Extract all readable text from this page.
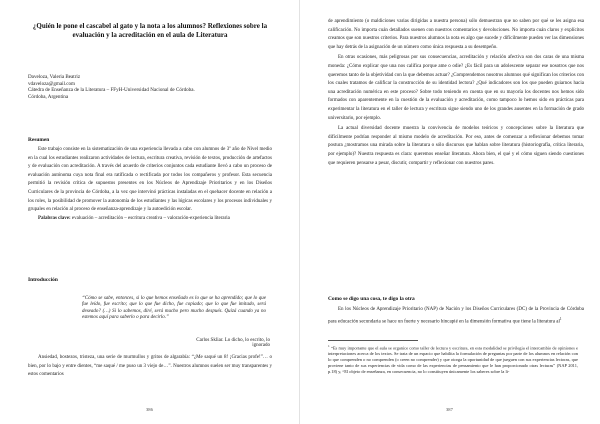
¿Quién le pone el cascabel al gato y la nota a los alumnos? Reflexiones sobre la evaluación y la acreditación en el aula de Literatura
Daveloza, Valeria Beatriz
vdaveloza@gmail.com
Cátedra de Enseñanza de la Literatura – FFyH-Universidad Nacional de Córdoba.
Córdoba, Argentina
Resumen

Este trabajo consiste en la sistematización de una experiencia llevada a cabo con alumnos de 3º año de Nivel medio en la cual los estudiantes realizaron actividades de lectura, escritura creativa, revisión de textos, producción de artefactos y de evaluación con acreditación. A través del acuerdo de criterios conjuntos cada estudiante llevó a cabo un proceso de evaluación autónoma cuya nota final era ratificada o rectificada por todos los compañeros y profesor. Esta secuencia permitió la revisión crítica de supuestos presentes en los Núcleos de Aprendizaje Prioritarios y en los Diseños Curriculares de la provincia de Córdoba, a la vez que intervinó prácticas instaladas en el quehacer docente en relación a los roles, la posibilidad de promover la autonomía de los estudiantes y las lógicas escolares y los procesos individuales y grupales en relación al proceso de enseñanza-aprendizaje y la autoedición escolar.

Palabras clave: evaluación – acreditación – escritura creativa – valoración-experiencia literaria

Introducción
“Cómo se sabe, entonces, si lo que hemos enseñado es lo que se ha aprendido; que lo que fue leído, fue escrito; que lo que fue dicho, fue copiado; que lo que fue imitado, será deseado? (…) Si lo sabemos, diré, será mucho pero mucho después. Quizá cuando ya no estemos aquí para saberlo o para decirlo.”
Carlos Skliar. Lo dicho, lo escrito, lo ignorado

Ansiedad, bostezos, tristeza, una serie de murmullos y gritos de algarabía: “¿Me saqué un 8! ¡Gracias profe!”… o bien, por lo bajo y entre dientes, “me saqué / me puso un 3 viejo de…”. Nuestros alumnos suelen ser muy transparentes y estos comentarios

386

de aprendimiento (o maldiciones varias dirigidas a nuestra persona) sólo demuestran que no saben por qué se les asigna esa calificación. No importa cuán detallados suenen con nuestros comentarios y devoluciones. No importa cuán claros y explícitos creamos que son nuestros criterios. Para nuestros alumnos la nota es algo que sucede y difícilmente pueden ver las dimensiones que hay detrás de la asignación de un número como única respuesta a su desempeño.

En otras ocasiones, más peligrosas por sus consecuencias, acreditación y relación afectiva son dos caras de una misma moneda: ¿Cómo explicar que una nos califica porque ame o odie? ¿Es fácil para un adolescente separar ese nosotros que nos queremos tanto de la objetividad con la que debemos actuar? ¿Comprendemos nosotros alumnos qué significan los criterios con los cuales tratamos de calificar la construcción de su identidad lectora? ¿Qué indicadores son los que pueden guiarnos hacia una acreditación numérica en este proceso? Sobre todo teniendo en cuenta que en su mayoría los docentes nos hemos sido formados con aparentemente en la cuestión de la evaluación y acreditación, como tampoco lo hemos sido en prácticas para experimentar la literatura en el taller de lectura y escritura sigue siendo uno de los grandes ausentes en la formación de grado universitario, por ejemplo.

La actual diversidad docente muestra la convivencia de modelos teóricos y concepciones sobre la literatura que difícilmente podrían responder al mismo modelo de acreditación. Por eso, antes de comenzar a reflexionar debemos tomar postura ¿mostramos una mirada sobre la literatura o sólo discursos que hablan sobre literatura (historiografía, crítica literaria, por ejemplo)? Nuestra respuesta es clara: queremos enseñar literatura. Ahora bien, el qué y el cómo siguen siendo cuestiones que requieren pensarse a pesar, discutir, compartir y reflexionar con nuestros pares.

Como se digo una cosa, te digo la otra

En los Núcleos de Aprendizaje Prioritario (NAP) de Nación y los Diseños Curriculares (DC) de la Provincia de Córdoba para educación secundaria se hace un fuerte y necesario hincapié en la dimensión formativa que tiene la literatura $al^1$

$^1$ “Es muy importante que el aula se organice como taller de lectura y escritura, en esta modalidad se privilegia el intercambio de opiniones e interpretaciones acerca de los textos. Se trata de un espacio que habilita la formulación de preguntas por parte de los alumnos en relación con lo que comprenden o no comprenden (o creen no comprender) y que otorga la oportunidad de que jueguen con sus experiencias lectoras, que proviene tanto de sus experiencias de vida como de las experiencias de pensamiento que le han proporcionado otras lecturas” (NAP 2011, p.18) y, “El objeto de enseñanza, en consecuencia, no lo constituyen únicamente los saberes sobre la li-
387
